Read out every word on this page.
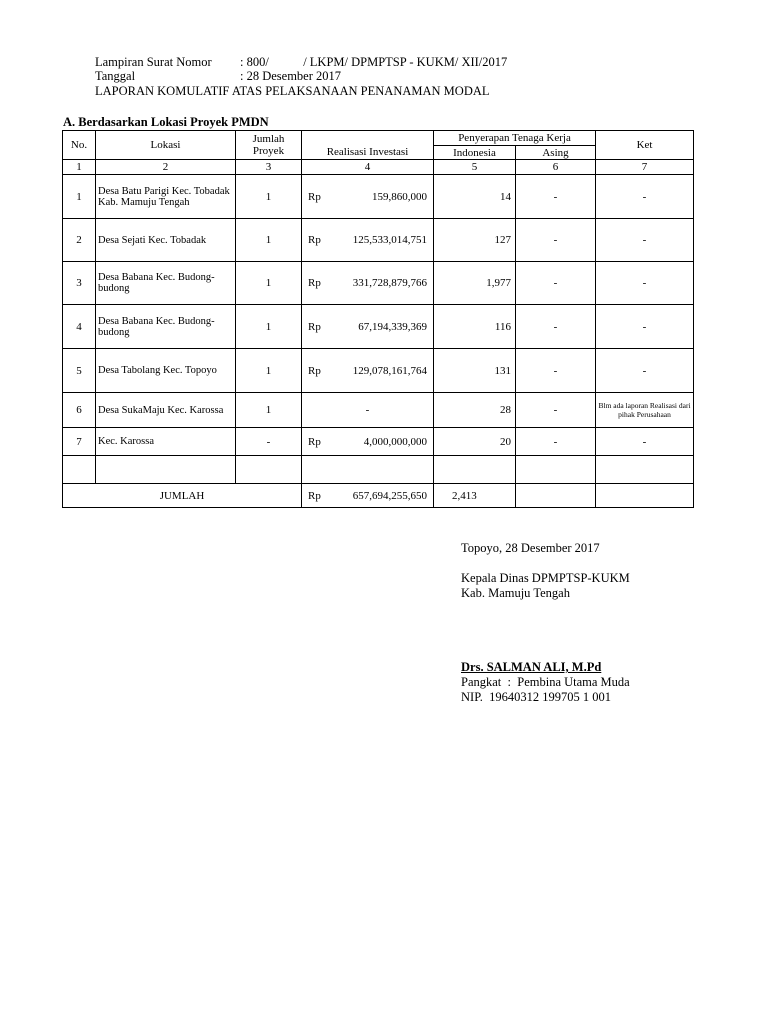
Lampiran Surat Nomor : 800/           / LKPM/ DPMPTSP - KUKM/ XII/2017
Tanggal	: 28 Desember 2017
LAPORAN KOMULATIF ATAS PELAKSANAAN PENANAMAN MODAL
A. Berdasarkan Lokasi Proyek PMDN
No.	Lokasi	Jumlah Proyek	Realisasi Investasi	Penyerapan Tenaga Kerja		Ket
				Indonesia	Asing	
1	2	3	4	5	6	7
1	Desa Batu Parigi Kec. Tobadak Kab. Mamuju Tengah	1	Rp 159,860,000	14	-	-
2	Desa Sejati Kec. Tobadak	1	Rp 125,533,014,751	127	-	-
3	Desa Babana Kec. Budong-budong	1	Rp 331,728,879,766	1,977	-	-
4	Desa Babana Kec. Budong-budong	1	Rp 67,194,339,369	116	-	-
5	Desa Tabolang Kec. Topoyo	1	Rp 129,078,161,764	131	-	-
6	Desa SukaMaju Kec. Karossa	1	-	28	-	Blm ada laporan Realisasi dari pihak Perusahaan
7	Kec. Karossa	-	Rp 4,000,000,000	20	-	-

JUMLAH			Rp 657,694,255,650	2,413		
Topoyo, 28 Desember 2017
Kepala Dinas DPMPTSP-KUKM
Kab. Mamuju Tengah
Drs. SALMAN ALI, M.Pd
Pangkat  :  Pembina Utama Muda
NIP.  19640312 199705 1 001
